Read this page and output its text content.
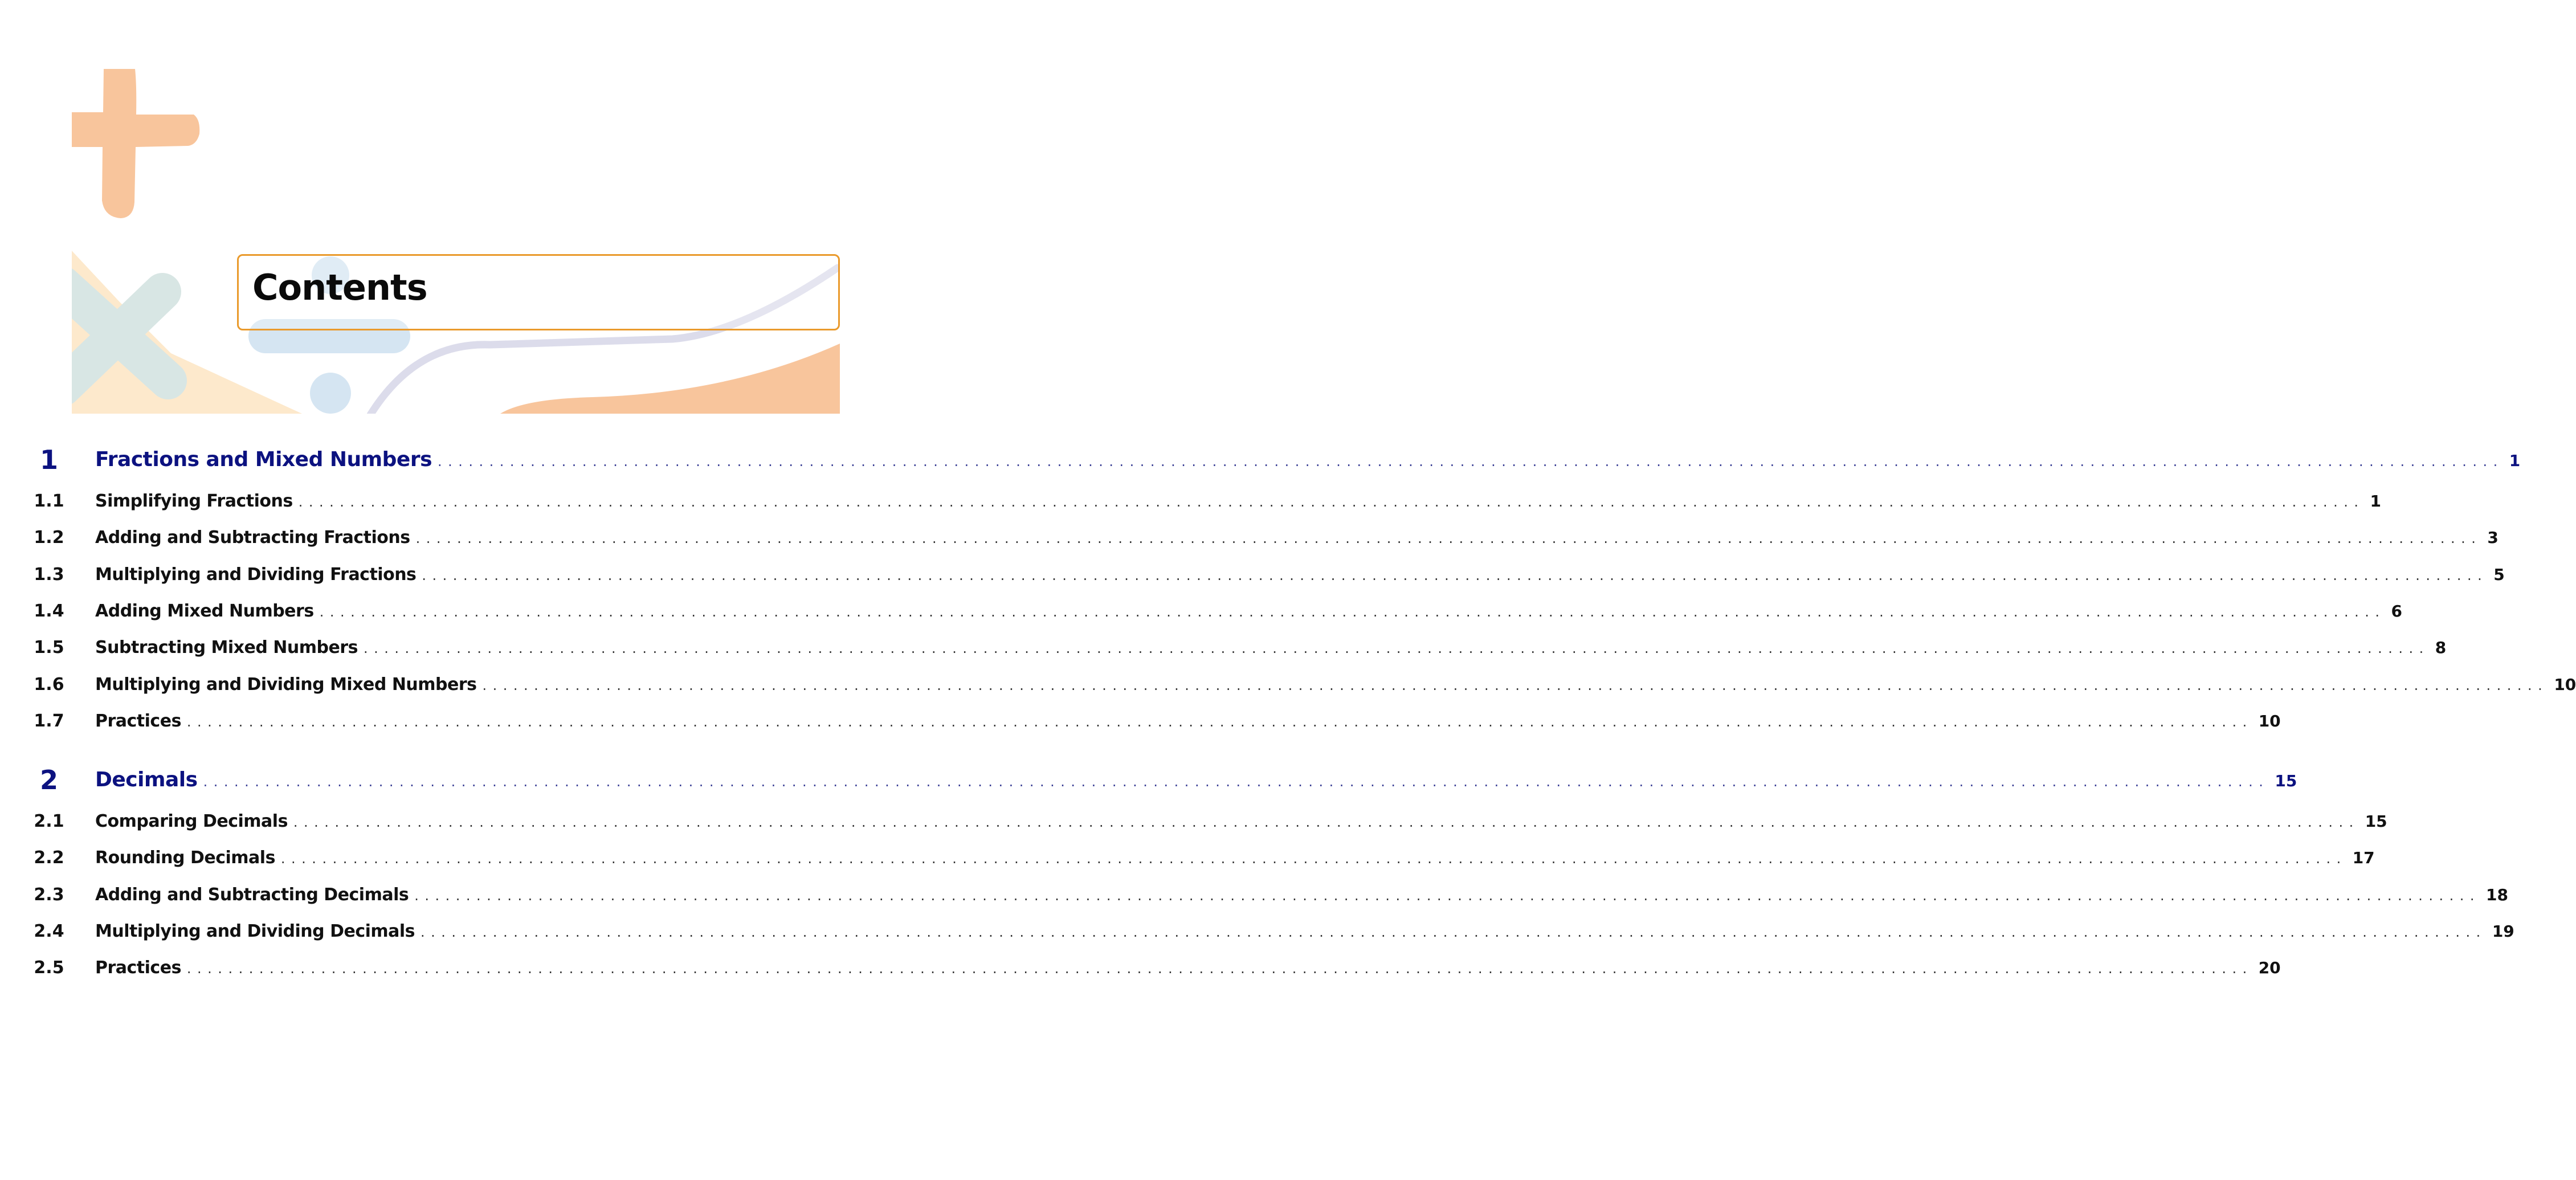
Contents
1	Fractions and Mixed Numbers ........................................................................................................................................................................................................ 1
1.1	Simplifying Fractions ........................................................................................................................................................................................................ 1
1.2	Adding and Subtracting Fractions ........................................................................................................................................................................................................ 3
1.3	Multiplying and Dividing Fractions ........................................................................................................................................................................................................ 5
1.4	Adding Mixed Numbers ........................................................................................................................................................................................................ 6
1.5	Subtracting Mixed Numbers ........................................................................................................................................................................................................ 8
1.6	Multiplying and Dividing Mixed Numbers ........................................................................................................................................................................................................ 10
1.7	Practices ........................................................................................................................................................................................................ 10
2	Decimals ........................................................................................................................................................................................................ 15
2.1	Comparing Decimals ........................................................................................................................................................................................................ 15
2.2	Rounding Decimals ........................................................................................................................................................................................................ 17
2.3	Adding and Subtracting Decimals ........................................................................................................................................................................................................ 18
2.4	Multiplying and Dividing Decimals ........................................................................................................................................................................................................ 19
2.5	Practices ........................................................................................................................................................................................................ 20
